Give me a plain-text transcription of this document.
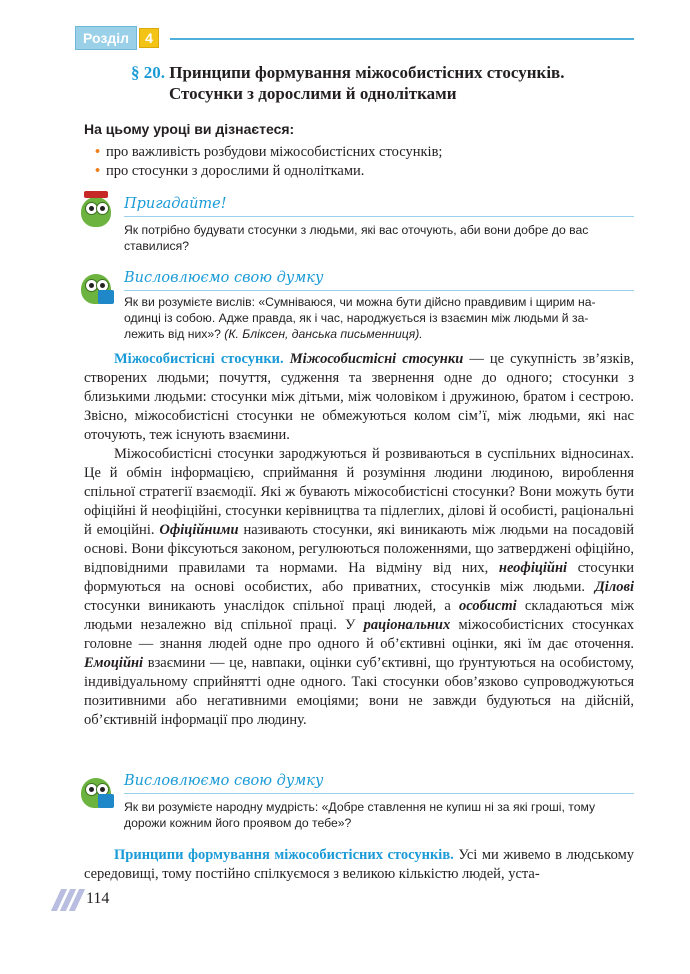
Розділ	4
§ 20. Принципи формування міжособистісних стосунків.
Стосунки з дорослими й однолітками
На цьому уроці ви дізнаєтеся:
• про важливість розбудови міжособистісних стосунків;
• про стосунки з дорослими й однолітками.
Пригадайте!
Як потрібно будувати стосунки з людьми, які вас оточують, аби вони добре до вас
ставилися?
Висловлюємо свою думку
Як ви розумієте вислів: «Сумніваюся, чи можна бути дійсно правдивим і щирим на-
одинці із собою. Адже правда, як і час, народжується із взаємин між людьми й за-
лежить від них»? (К. Бліксен, данська письменниця).

Міжособистісні стосунки. Міжособистісні стосунки — це сукупність зв’язків, створених людьми; почуття, судження та звернення одне до одного; стосунки з близькими людьми: стосунки між дітьми, між чоловіком і дружиною, братом і сестрою. Звісно, міжособистісні стосунки не обмежуються колом сім’ї, між людьми, які нас оточують, теж існують взаємини.

Міжособистісні стосунки зароджуються й розвиваються в суспільних відносинах. Це й обмін інформацією, сприймання й розуміння людини людиною, вироблення спільної стратегії взаємодії. Які ж бувають міжособистісні стосунки? Вони можуть бути офіційні й неофіційні, стосунки керівництва та підлеглих, ділові й особисті, раціональні й емоційні. Офіційними називають стосунки, які виникають між людьми на посадовій основі. Вони фіксуються законом, регулюються положеннями, що затверджені офіційно, відповідними правилами та нормами. На відміну від них, неофіційні стосунки формуються на основі особистих, або приватних, стосунків між людьми. Ділові стосунки виникають унаслідок спільної праці людей, а особисті складаються між людьми незалежно від спільної праці. У раціональних міжособистісних стосунках головне — знання людей одне про одного й об’єктивні оцінки, які їм дає оточення. Емоційні взаємини — це, навпаки, оцінки суб’єктивні, що ґрунтуються на особистому, індивідуальному сприйнятті одне одного. Такі стосунки обов’язково супроводжуються позитивними або негативними емоціями; вони не завжди будуються на дійсній, об’єктивній інформації про людину.

Висловлюємо свою думку
Як ви розумієте народну мудрість: «Добре ставлення не купиш ні за які гроші, тому
дорожи кожним його проявом до тебе»?

Принципи формування міжособистісних стосунків. Усі ми живемо в людському середовищі, тому постійно спілкуємося з великою кількістю людей, уста-

114
